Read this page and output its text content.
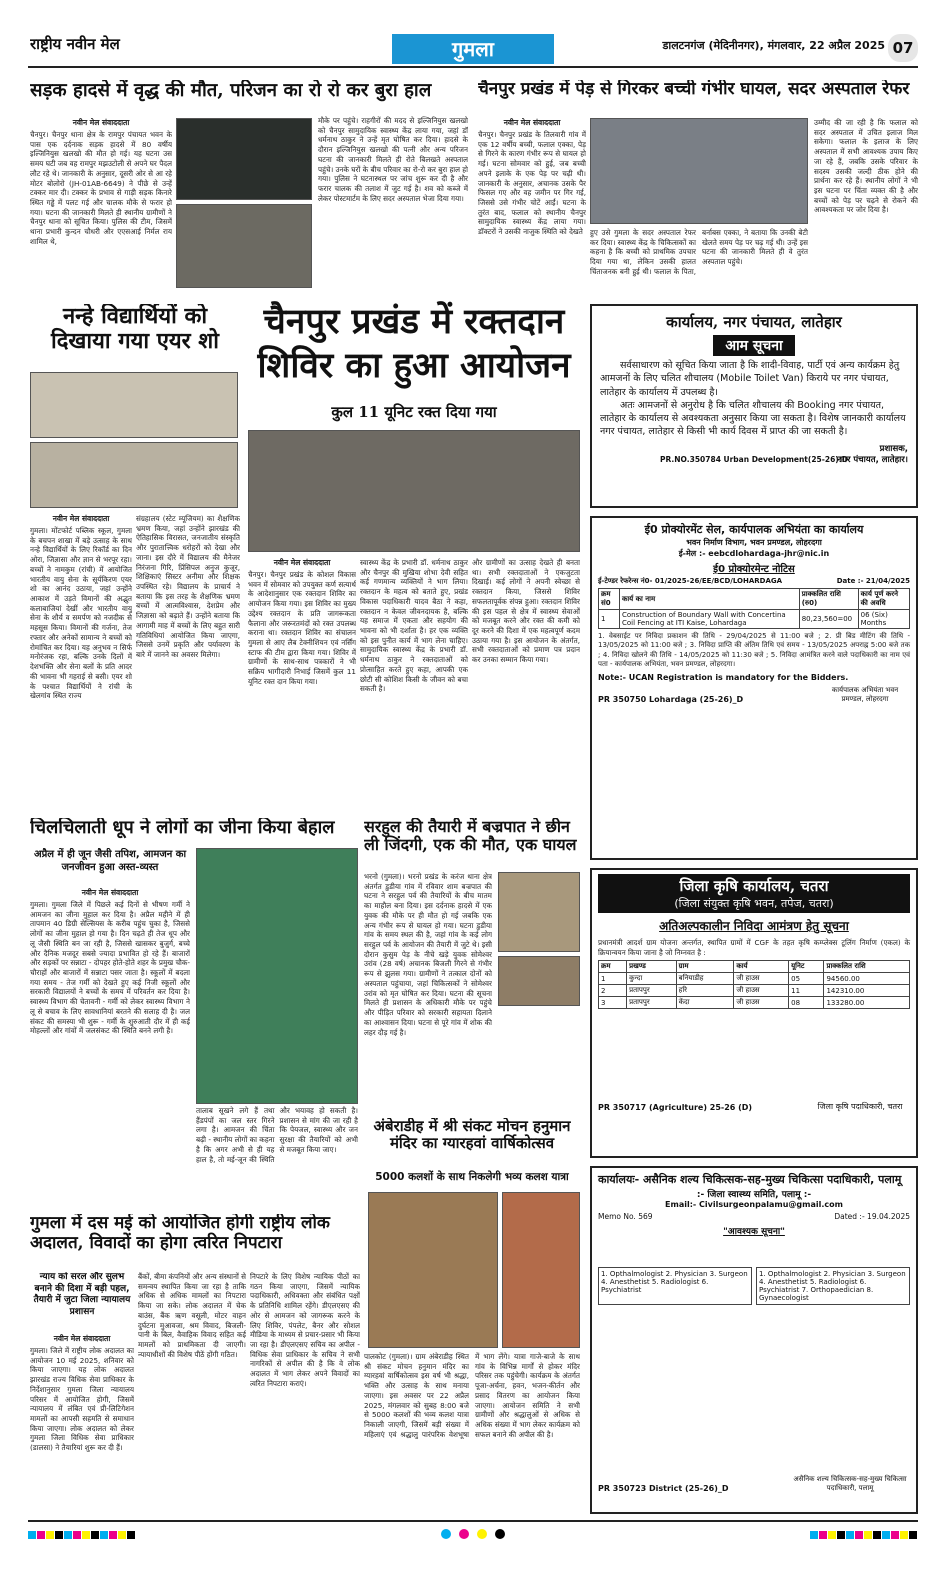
राष्ट्रीय नवीन मेल	गुमला	डालटनगंज (मेदिनीनगर), मंगलवार, 22 अप्रैल 2025 07
सड़क हादसे में वृद्ध की मौत, परिजन का रो रो कर बुरा हाल
नवीन मेल संवाददाता
चैनपुर। चैनपुर थाना क्षेत्र के रामपुर पंचायत भवन के पास एक दर्दनाक सड़क हादसे में 80 वर्षीय इल्जिनियुस खलखो की मौत हो गई। यह घटना उस समय घटी जब वह रामपुर मझउटोली से अपने घर पैदल लौट रहे थे। जानकारी के अनुसार, दूसरी ओर से आ रहे मोटर बोलोरो (JH-01AB-6649) ने पीछे से उन्हें टक्कर मार दी। टक्कर के प्रभाव से गाड़ी सड़क किनारे स्थित गड्ढे में पलट गई और चालक मौके से फरार हो गया। घटना की जानकारी मिलते ही स्थानीय ग्रामीणों ने चैनपुर थाना को सूचित किया। पुलिस की टीम, जिसमें थाना प्रभारी कुन्दन चौधरी और एएसआई निर्मल राय शामिल थे,
मौके पर पहुंचे। राहगीरों की मदद से इल्जिनियुस खलखो को चैनपुर सामुदायिक स्वास्थ्य केंद्र लाया गया, जहां डॉ धर्मनाथ ठाकुर ने उन्हें मृत घोषित कर दिया। हादसे के दौरान इल्जिनियुस खलखो की पत्नी और अन्य परिजन घटना की जानकारी मिलते ही रोते बिलखते अस्पताल पहुंचे। उनके घरों के बीच परिवार का रो-रो कर बुरा हाल हो गया। पुलिस ने घटनास्थल पर जांच शुरू कर दी है और फरार चालक की तलाश में जुट गई है। शव को कब्जे में लेकर पोस्टमार्टम के लिए सदर अस्पताल भेजा दिया गया।
चैनपुर प्रखंड में पेड़ से गिरकर बच्ची गंभीर घायल, सदर अस्पताल रेफर
नवीन मेल संवाददाता
चैनपुर। चैनपुर प्रखंड के तिलवारी गांव में एक 12 वर्षीय बच्ची, फलाल एक्का, पेड़ से गिरने के कारण गंभीर रूप से घायल हो गई। घटना सोमवार को हुई, जब बच्ची अपने इलाके के एक पेड़ पर चढ़ी थी। जानकारी के अनुसार, अचानक उसके पैर फिसल गए और वह जमीन पर गिर गई, जिससे उसे गंभीर चोटें आईं। घटना के तुरंत बाद, फलाल को स्थानीय चैनपुर सामुदायिक स्वास्थ्य केंद्र लाया गया। डॉक्टरों ने उसकी नाजुक स्थिति को देखते हुए उसे गुमला के सदर अस्पताल रेफर कर दिया। स्वास्थ्य केंद्र के चिकित्सकों का कहना है कि बच्ची को प्राथमिक उपचार दिया गया था, लेकिन उसकी हालत चिंताजनक बनी हुई थी। फलाल के पिता, बर्नाबस एक्का, ने बताया कि उनकी बेटी खेलते समय पेड़ पर चढ़ गई थी। उन्हें इस घटना की जानकारी मिलते ही वे तुरंत अस्पताल पहुंचे।
उम्मीद की जा रही है कि फलाल को सदर अस्पताल में उचित इलाज मिल सकेगा। फलाल के इलाज के लिए अस्पताल में सभी आवश्यक उपाय किए जा रहे हैं, जबकि उसके परिवार के सदस्य उसकी जल्दी ठीक होने की प्रार्थना कर रहे हैं। स्थानीय लोगों ने भी इस घटना पर चिंता व्यक्त की है और बच्चों को पेड़ पर चढ़ने से रोकने की आवश्यकता पर जोर दिया है।
नन्हे विद्यार्थियों को दिखाया गया एयर शो
नवीन मेल संवाददाता
गुमला। मोंटफोर्ट पब्लिक स्कूल, गुमला के बचपन शाखा में बड़े उत्साह के साथ नन्हे विद्यार्थियों के लिए रिकॉर्ड का दिन ओरा, जिज्ञासा और ज्ञान से भरपूर रहा। बच्चों ने नामकुम (रांची) में आयोजित भारतीय वायु सेना के सूर्यकिरण एयर शो का आनंद उठाया, जहां उन्होंने आकाश में उड़ते विमानों की अद्भुत कलाबाजियां देखीं और भारतीय वायु सेना के शौर्य व समर्पण को नजदीक से महसूस किया। विमानों की गर्जना, तेज रफ्तार और अनेकों सामान्य ने बच्चों को रोमांचित कर दिया। यह अनुभव न सिर्फ मनोरंजक रहा, बल्कि उनके दिलों में देशभक्ति और सेना बलों के प्रति आदर की भावना भी गहराई से बसी। एयर शो के पश्चात विद्यार्थियों ने रांची के खेलगांव स्थित राज्य
संग्रहालय (स्टेट म्यूजियम) का शैक्षणिक भ्रमण किया, जहां उन्होंने झारखंड की ऐतिहासिक विरासत, जनजातीय संस्कृति और पुरातात्त्विक धरोहरों को देखा और जाना। इस दौरे में विद्यालय की मैनेजर निरंजना गिरि, प्रिंसिपल अनुज कुजूर, शिक्षिकाएं सिस्टर अनीमा और शिक्षक उपस्थित रहे। विद्यालय के प्राचार्य ने बताया कि इस तरह के शैक्षणिक भ्रमण बच्चों में आत्मविश्वास, देशप्रेम और जिज्ञासा को बढ़ाते हैं। उन्होंने बताया कि आगामी माह में बच्चों के लिए बहुत सारी गतिविधियां आयोजित किया जाएगा, जिससे उनमें प्रकृति और पर्यावरण के बारे में जानने का अवसर मिलेगा।
चैनपुर प्रखंड में रक्तदान शिविर का हुआ आयोजन
कुल 11 यूनिट रक्त दिया गया
नवीन मेल संवाददाता
चैनपुर। चैनपुर प्रखंड के कोशल विकास भवन में सोमवार को उपयुक्त कर्ण सत्यार्थ के आदेशानुसार एक रक्तदान शिविर का आयोजन किया गया। इस शिविर का मुख्य उद्देश्य रक्तदान के प्रति जागरूकता फैलाना और जरूरतमंदों को रक्त उपलब्ध कराना था। रक्तदान शिविर का संचालन गुमला से आए लैब टेक्नीशियन एवं नर्सिंग स्टाफ की टीम द्वारा किया गया। शिविर में ग्रामीणों के साथ-साथ पत्रकारों ने भी सक्रिय भागीदारी निभाई जिसमें कुल 11 यूनिट रक्त दान किया गया।
स्वास्थ्य केंद्र के प्रभारी डॉ. धर्मनाथ ठाकुर और चैनपुर की मुखिया शोभा देवी सहित कई गणमान्य व्यक्तियों ने भाग लिया। रक्तदान के महत्व को बताते हुए, प्रखंड विकास पदाधिकारी यादव बैठा ने कहा, रक्तदान न केवल जीवनदायक है, बल्कि यह समाज में एकता और सहयोग की भावना को भी दर्शाता है। हर एक व्यक्ति को इस पुनीत कार्य में भाग लेना चाहिए। सामुदायिक स्वास्थ्य केंद्र के प्रभारी डॉ. धर्मनाथ ठाकुर ने रक्तदाताओं को प्रोत्साहित करते हुए कहा, आपकी एक छोटी सी कोशिश किसी के जीवन को बचा सकती है।
और ग्रामीणों का उत्साह देखते ही बनता था। सभी रक्तदाताओं ने एकजुटता दिखाई। कई लोगों ने अपनी स्वेच्छा से रक्तदान किया, जिससे शिविर सफलतापूर्वक संपन्न हुआ। रक्तदान शिविर की इस पहल से क्षेत्र में स्वास्थ्य सेवाओं को मजबूत करने और रक्त की कमी को दूर करने की दिशा में एक महत्वपूर्ण कदम उठाया गया है। इस आयोजन के अंतर्गत, सभी रक्तदाताओं को प्रमाण पत्र प्रदान कर उनका सम्मान किया गया।
कार्यालय, नगर पंचायत, लातेहार
आम सूचना
सर्वसाधारण को सूचित किया जाता है कि शादी-विवाह, पार्टी एवं अन्य कार्यक्रम हेतु आमजनों के लिए चलित शौचालय (Mobile Toilet Van) किराये पर नगर पंचायत, लातेहार के कार्यालय में उपलब्ध है।
अतः आमजनों से अनुरोध है कि चलित शौचालय की Booking नगर पंचायत, लातेहार के कार्यालय से अवश्यकता अनुसार किया जा सकता है। विशेष जानकारी कार्यालय नगर पंचायत, लातेहार से किसी भी कार्य दिवस में प्राप्त की जा सकती है।
प्रशासक,
नगर पंचायत, लातेहार।
PR.NO.350784 Urban Development(25-26):D
ई0 प्रोक्योरमेंट सेल, कार्यपालक अभियंता का कार्यालय
भवन निर्माण विभाग, भवन प्रमण्डल, लोहरदगा
ई-मेल :- eebcdlohardaga-jhr@nic.in
ई0 प्रोक्योरमेन्ट नोटिस
ई-टेण्डर रेफरेन्स नं0- 01/2025-26/EE/BCD/LOHARDAGA	Date :- 21/04/2025
क्रम सं0	कार्य का नाम	प्राक्कलित राशि (रु0)	कार्य पूर्ण करने की अवधि
1	Construction of Boundary Wall with Concertina Coil Fencing at ITI Kaise, Lohardaga	80,23,560=00	06 (Six) Months
1. वेबसाईट पर निविदा प्रकाशन की तिथि - 29/04/2025 से 11:00 बजे ; 2. प्री बिड मीटिंग की तिथि - 13/05/2025 को 11:00 बजे ; 3. निविदा प्राप्ति की अंतिम तिथि एवं समय - 13/05/2025 अपराह्न 5:00 बजे तक ; 4. निविदा खोलने की तिथि - 14/05/2025 को 11:30 बजे ; 5. निविदा आमंत्रित करने वाले पदाधिकारी का नाम एवं पता - कार्यपालक अभियंता, भवन प्रमण्डल, लोहरदगा।
Note:- UCAN Registration is mandatory for the Bidders.
PR 350750 Lohardaga (25-26)_D
कार्यपालक अभियंता भवन प्रमण्डल, लोहरदगा
जिला कृषि कार्यालय, चतरा
(जिला संयुक्त कृषि भवन, तपेज, चतरा)
अतिअल्पकालीन निविदा आमंत्रण हेतु सूचना
प्रधानमंत्री आदर्श ग्राम योजना अन्तर्गत, स्थापित ग्रामों में CGF के तहत कृषि कम्प्लेक्स टूलिंग निर्माण (एकल) के क्रियान्वयन किया जाना है जो निम्नवत है :
क्रम	प्रखण्ड	ग्राम	कार्य	यूनिट	प्राक्कलित राशि
1	कुन्दा	बनियाडीह	जी हाउस	05	94560.00
2	प्रतापपुर	हरि	जी हाउस	11	142310.00
3	प्रतापपुर	केंदा	जी हाउस	08	133280.00
PR 350717 (Agriculture) 25-26 (D)	जिला कृषि पदाधिकारी, चतरा
कार्यालयः- असैनिक शल्य चिकित्सक-सह-मुख्य चिकित्सा पदाधिकारी, पलामू
:- जिला स्वास्थ्य समिति, पलामू :-
Email:- Civilsurgeonpalamu@gmail.com
Memo No. 569	Dated :- 19.04.2025
"आवश्यक सूचना"
1. Opthalmologist 2. Physician 3. Surgeon 4. Anesthetist 5. Radiologist 6. Psychiatrist
1. Opthalmologist 2. Physician 3. Surgeon 4. Anesthetist 5. Radiologist 6. Psychiatrist 7. Orthopaedician 8. Gynaecologist
PR 350723 District (25-26)_D
असैनिक शल्य चिकित्सक-सह-मुख्य चिकित्सा पदाधिकारी, पलामू
चिलचिलाती धूप ने लोगों का जीना किया बेहाल
अप्रैल में ही जून जैसी तपिश, आमजन का जनजीवन हुआ अस्त-व्यस्त
नवीन मेल संवाददाता
गुमला। गुमला जिले में पिछले कई दिनों से भीषण गर्मी ने आमजन का जीना मुहाल कर दिया है। अप्रैल महीने में ही तापमान 40 डिग्री सेल्सियस के करीब पहुंच चुका है, जिससे लोगों का जीना मुहाल हो गया है। दिन चढ़ते ही तेज धूप और लू जैसी स्थिति बन जा रही है, जिससे खासकर बुजुर्ग, बच्चे और दैनिक मजदूर सबसे ज्यादा प्रभावित हो रहे हैं। बाजारों और सड़कों पर सन्नाटा - दोपहर होते-होते शहर के प्रमुख चौक-चौराहों और बाजारों में सन्नाटा पसर जाता है। स्कूलों में बदला गया समय - तेज गर्मी को देखते हुए कई निजी स्कूलों और सरकारी विद्यालयों ने बच्चों के समय में परिवर्तन कर दिया है। स्वास्थ्य विभाग की चेतावनी - गर्मी को लेकर स्वास्थ्य विभाग ने लू से बचाव के लिए सावधानियां बरतने की सलाह दी है। जल संकट की समस्या भी शुरू - गर्मी के शुरुआती दौर में ही कई मोहल्लों और गांवों में जलसंकट की स्थिति बनने लगी है।
तालाब सूखने लगे हैं तथा हैंडपंपों का जल स्तर गिरने लगा है। आमजन की चिंता बढ़ी - स्थानीय लोगों का कहना है कि अगर अभी से ही यह हाल है, तो मई-जून की स्थिति और भयावह हो सकती है। प्रशासन से मांग की जा रही है कि पेयजल, स्वास्थ्य और जन सुरक्षा की तैयारियों को अभी से मजबूत किया जाए।
सरहुल की तैयारी में बज्रपात ने छीन ली जिंदगी, एक की मौत, एक घायल
भरनो (गुमला)। भरनो प्रखंड के करंज थाना क्षेत्र अंतर्गत डुडीया गांव में रविवार शाम बज्रपात की घटना ने सरहुल पर्व की तैयारियों के बीच मातम का माहौल बना दिया। इस दर्दनाक हादसे में एक युवक की मौके पर ही मौत हो गई जबकि एक अन्य गंभीर रूप से घायल हो गया। घटना डुडीया गांव के समय स्थल की है, जहां गांव के कई लोग सरहुल पर्व के आयोजन की तैयारी में जुटे थे। इसी दौरान कुसुम पेड़ के नीचे खड़े युवक सोमेश्वर उरांव (28 वर्ष) अचानक बिजली गिरने से गंभीर रूप से झुलस गया। ग्रामीणों ने तत्काल दोनों को अस्पताल पहुंचाया, जहां चिकित्सकों ने सोमेश्वर उरांव को मृत घोषित कर दिया। घटना की सूचना मिलते ही प्रशासन के अधिकारी मौके पर पहुंचे और पीड़ित परिवार को सरकारी सहायता दिलाने का आश्वासन दिया। घटना से पूरे गांव में शोक की लहर दौड़ गई है।
अंबेराडीह में श्री संकट मोचन हनुमान मंदिर का ग्यारहवां वार्षिकोत्सव
5000 कलशों के साथ निकलेगी भव्य कलश यात्रा
पालकोट (गुमला)। ग्राम अंबेराडीह स्थित श्री संकट मोचन हनुमान मंदिर का ग्यारहवां वार्षिकोत्सव इस वर्ष भी श्रद्धा, भक्ति और उत्साह के साथ मनाया जाएगा। इस अवसर पर 22 अप्रैल 2025, मंगलवार को सुबह 8:00 बजे से 5000 कलशों की भव्य कलश यात्रा निकाली जाएगी, जिसमें बड़ी संख्या में महिलाएं एवं श्रद्धालु पारंपरिक वेशभूषा में भाग लेंगे। यात्रा गाजे-बाजे के साथ गांव के विभिन्न मार्गों से होकर मंदिर परिसर तक पहुंचेगी। कार्यक्रम के अंतर्गत पूजा-अर्चना, हवन, भजन-कीर्तन और प्रसाद वितरण का आयोजन किया जाएगा। आयोजन समिति ने सभी ग्रामीणों और श्रद्धालुओं से अधिक से अधिक संख्या में भाग लेकर कार्यक्रम को सफल बनाने की अपील की है।
गुमला में दस मई को आयोजित होगी राष्ट्रीय लोक अदालत, विवादों का होगा त्वरित निपटारा
न्याय को सरल और सुलभ बनाने की दिशा में बड़ी पहल, तैयारी में जुटा जिला न्यायालय प्रशासन
नवीन मेल संवाददाता
गुमला। जिले में राष्ट्रीय लोक अदालत का आयोजन 10 मई 2025, शनिवार को किया जाएगा। यह लोक अदालत झारखंड राज्य विधिक सेवा प्राधिकार के निर्देशानुसार गुमला जिला न्यायालय परिसर में आयोजित होगी, जिसमें न्यायालय में लंबित एवं प्री-लिटिगेशन मामलों का आपसी सहमति से समाधान किया जाएगा। लोक अदालत को लेकर गुमला जिला विधिक सेवा प्राधिकार (डालसा) ने तैयारियां शुरू कर दी हैं।
बैंकों, बीमा कंपनियों और अन्य संस्थानों से समन्वय स्थापित किया जा रहा है ताकि अधिक से अधिक मामलों का निपटारा किया जा सके। लोक अदालत में चेक बाउंस, बैंक ऋण वसूली, मोटर वाहन दुर्घटना मुआवजा, श्रम विवाद, बिजली-पानी के बिल, वैवाहिक विवाद सहित कई मामलों को प्राथमिकता दी जाएगी। न्यायाधीशों की विशेष पीठें होंगी गठित।
निपटारे के लिए विशेष न्यायिक पीठों का गठन किया जाएगा, जिसमें न्यायिक पदाधिकारी, अधिवक्ता और संबंधित पक्षों के प्रतिनिधि शामिल रहेंगे। डीएलएसए की ओर से आमजन को जागरूक करने के लिए शिविर, पंपलेट, बैनर और सोशल मीडिया के माध्यम से प्रचार-प्रसार भी किया जा रहा है। डीएलएसए सचिव का अपील - विधिक सेवा प्राधिकार के सचिव ने सभी नागरिकों से अपील की है कि वे लोक अदालत में भाग लेकर अपने विवादों का त्वरित निपटारा कराएं।
